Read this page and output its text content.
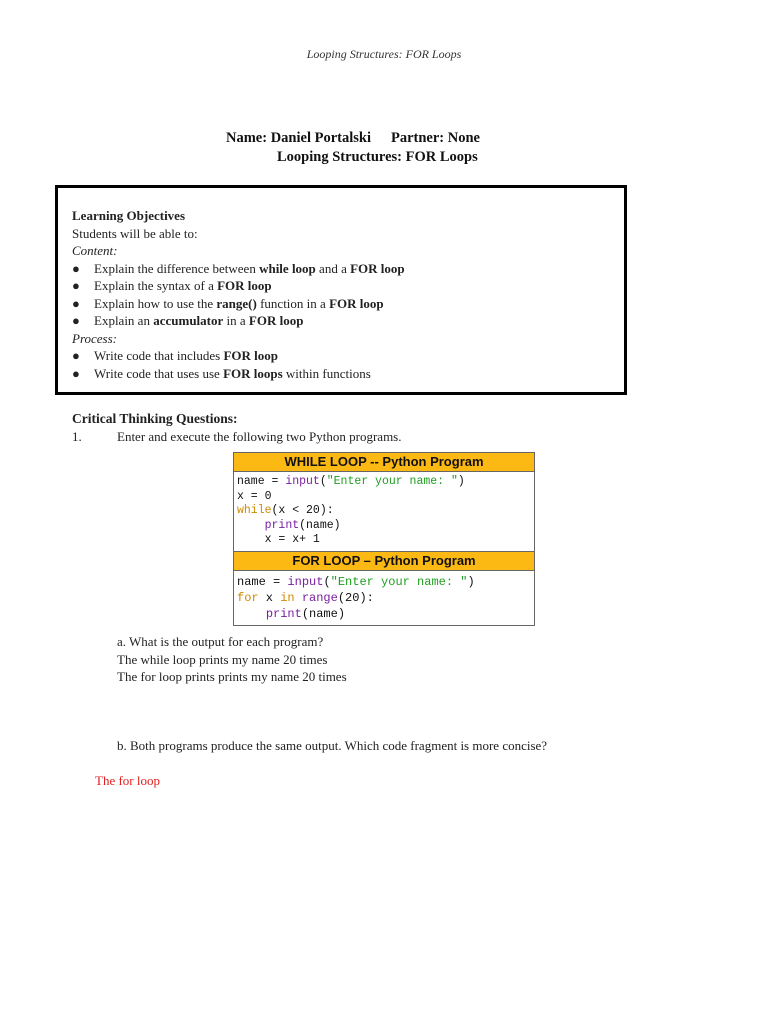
Looping Structures: FOR Loops
Name: Daniel Portalski Partner: None
Looping Structures: FOR Loops
Learning Objectives
Students will be able to:
Content:
●	Explain the difference between while loop and a FOR loop
●	Explain the syntax of a FOR loop
●	Explain how to use the range() function in a FOR loop
●	Explain an accumulator in a FOR loop
Process:
●	Write code that includes FOR loop
●	Write code that uses use FOR loops within functions
Critical Thinking Questions:
1.	Enter and execute the following two Python programs.
WHILE LOOP -- Python Program
name = input("Enter your name: ")
x = 0
while(x < 20):
print(name)
x = x+ 1
FOR LOOP – Python Program
name = input("Enter your name: ")
for x in range(20):
print(name)
a. What is the output for each program?
The while loop prints my name 20 times
The for loop prints prints my name 20 times
b. Both programs produce the same output. Which code fragment is more concise?
The for loop
